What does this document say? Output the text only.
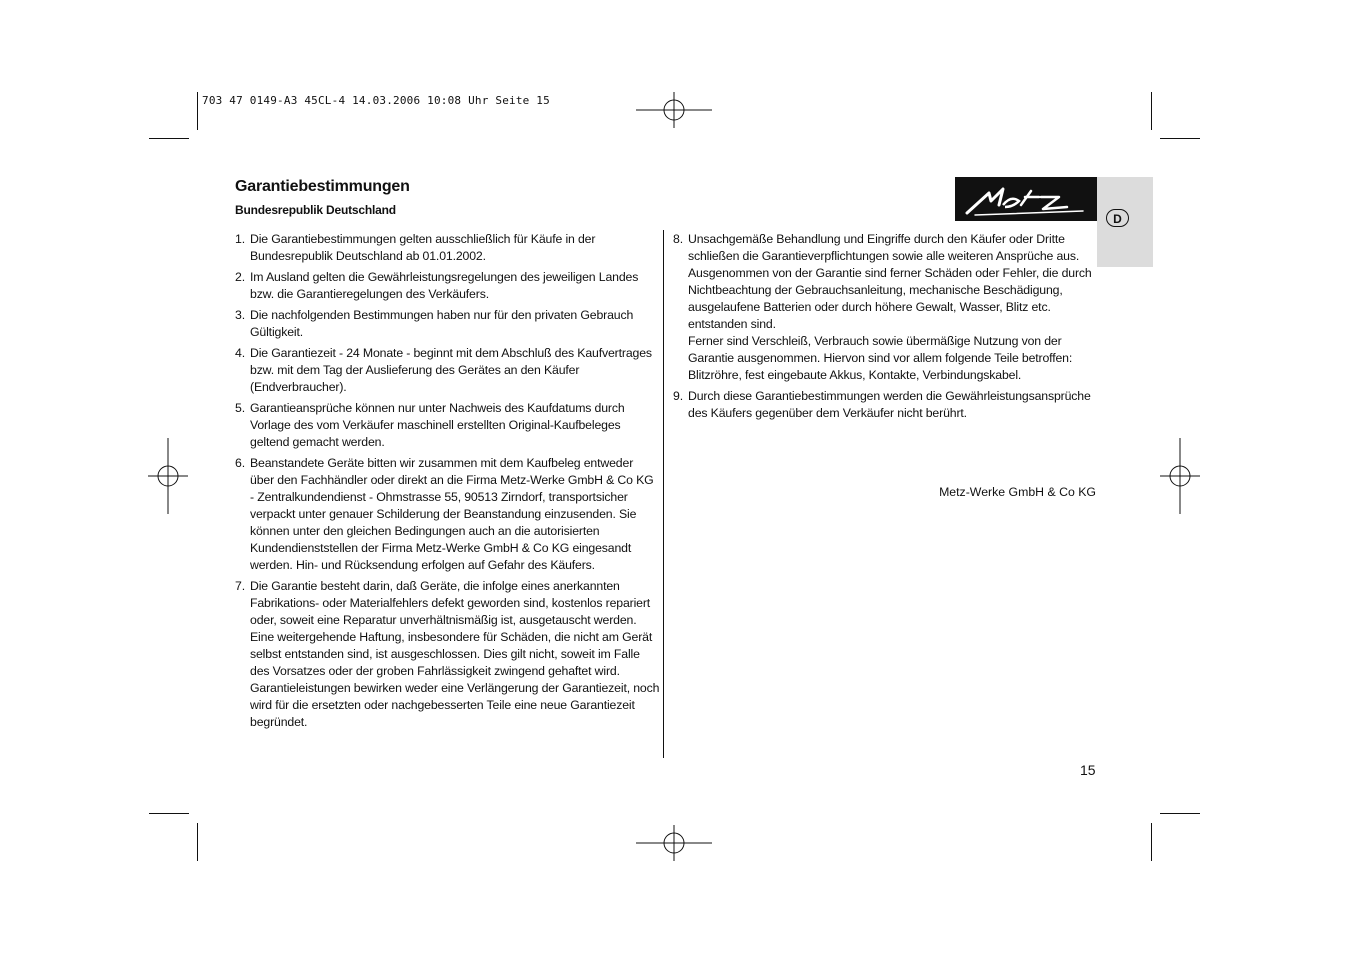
703 47 0149-A3 45CL-4 14.03.2006 10:08 Uhr Seite 15
Garantiebestimmungen
Bundesrepublik Deutschland
D
1. Die Garantiebestimmungen gelten ausschließlich für Käufe in der Bundesrepublik Deutschland ab 01.01.2002.
2. Im Ausland gelten die Gewährleistungsregelungen des jeweiligen Landes bzw. die Garantieregelungen des Verkäufers.
3. Die nachfolgenden Bestimmungen haben nur für den privaten Gebrauch Gültigkeit.
4. Die Garantiezeit - 24 Monate - beginnt mit dem Abschluß des Kaufvertrages bzw. mit dem Tag der Auslieferung des Gerätes an den Käufer (Endverbraucher).
5. Garantieansprüche können nur unter Nachweis des Kaufdatums durch Vorlage des vom Verkäufer maschinell erstellten Original-Kaufbeleges geltend gemacht werden.
6. Beanstandete Geräte bitten wir zusammen mit dem Kaufbeleg entweder über den Fachhändler oder direkt an die Firma Metz-Werke GmbH & Co KG - Zentralkundendienst - Ohmstrasse 55, 90513 Zirndorf, transportsicher verpackt unter genauer Schilderung der Beanstandung einzusenden. Sie können unter den gleichen Bedingungen auch an die autorisierten Kundendienststellen der Firma Metz-Werke GmbH & Co KG eingesandt werden. Hin- und Rücksendung erfolgen auf Gefahr des Käufers.
7. Die Garantie besteht darin, daß Geräte, die infolge eines anerkannten Fabrikations- oder Materialfehlers defekt geworden sind, kostenlos repariert oder, soweit eine Reparatur unverhältnismäßig ist, ausgetauscht werden. Eine weitergehende Haftung, insbesondere für Schäden, die nicht am Gerät selbst entstanden sind, ist ausgeschlossen. Dies gilt nicht, soweit im Falle des Vorsatzes oder der groben Fahrlässigkeit zwingend gehaftet wird. Garantieleistungen bewirken weder eine Verlängerung der Garantiezeit, noch wird für die ersetzten oder nachgebesserten Teile eine neue Garantiezeit begründet.
8. Unsachgemäße Behandlung und Eingriffe durch den Käufer oder Dritte schließen die Garantieverpflichtungen sowie alle weiteren Ansprüche aus. Ausgenommen von der Garantie sind ferner Schäden oder Fehler, die durch Nichtbeachtung der Gebrauchsanleitung, mechanische Beschädigung, ausgelaufene Batterien oder durch höhere Gewalt, Wasser, Blitz etc. entstanden sind.
Ferner sind Verschleiß, Verbrauch sowie übermäßige Nutzung von der Garantie ausgenommen. Hiervon sind vor allem folgende Teile betroffen: Blitzröhre, fest eingebaute Akkus, Kontakte, Verbindungskabel.
9. Durch diese Garantiebestimmungen werden die Gewährleistungsansprüche des Käufers gegenüber dem Verkäufer nicht berührt.
Metz-Werke GmbH & Co KG
15
